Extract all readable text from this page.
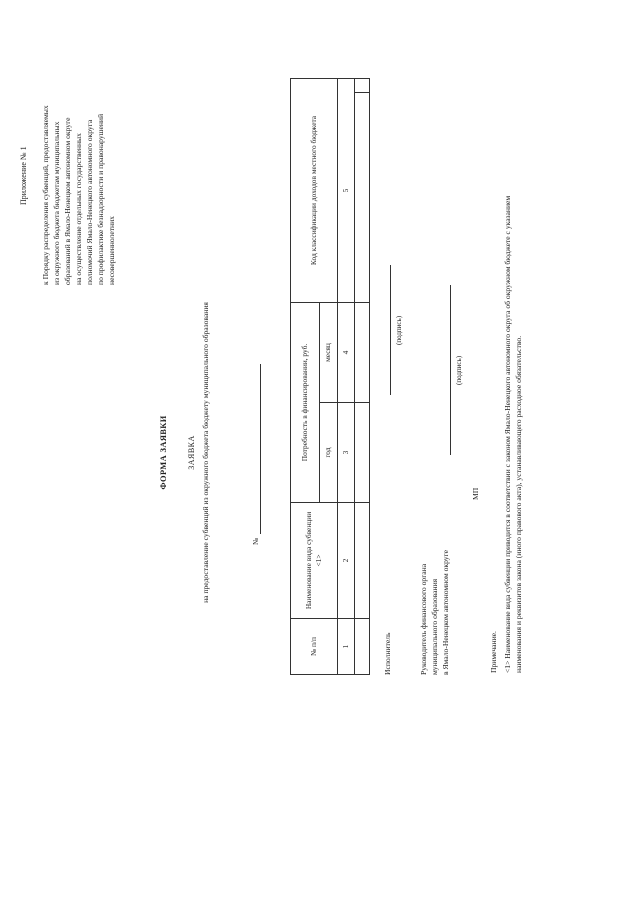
Приложение № 1 к Порядку распределения субвенций, предоставляемых из окружного бюджета бюджетам муниципальных образований в Ямало-Ненецком автономном округе на осуществление отдельных государственных полномочий Ямало-Ненецкого автономного округа по профилактике безнадзорности и правонарушений несовершеннолетних
ФОРМА ЗАЯВКИ ЗАЯВКА на предоставление субвенций из окружного бюджета бюджету муниципального образования	№
№ п/п	Наименование вида субвенции <1>	Потребность в финансировании, руб.		Код классификации доходов местного бюджета	
		год	месяц		
1	2	3	4	5	

Исполнитель
(подпись)
Руководитель финансового органа муниципального образования в Ямало-Ненецком автономном округе
(подпись)
МП
Примечание. <1> Наименование вида субвенции приводится в соответствии с законом Ямало-Ненецкого автономного округа об окружном бюджете с указанием наименования и реквизитов закона (иного правового акта), устанавливающего расходное обязательство.
